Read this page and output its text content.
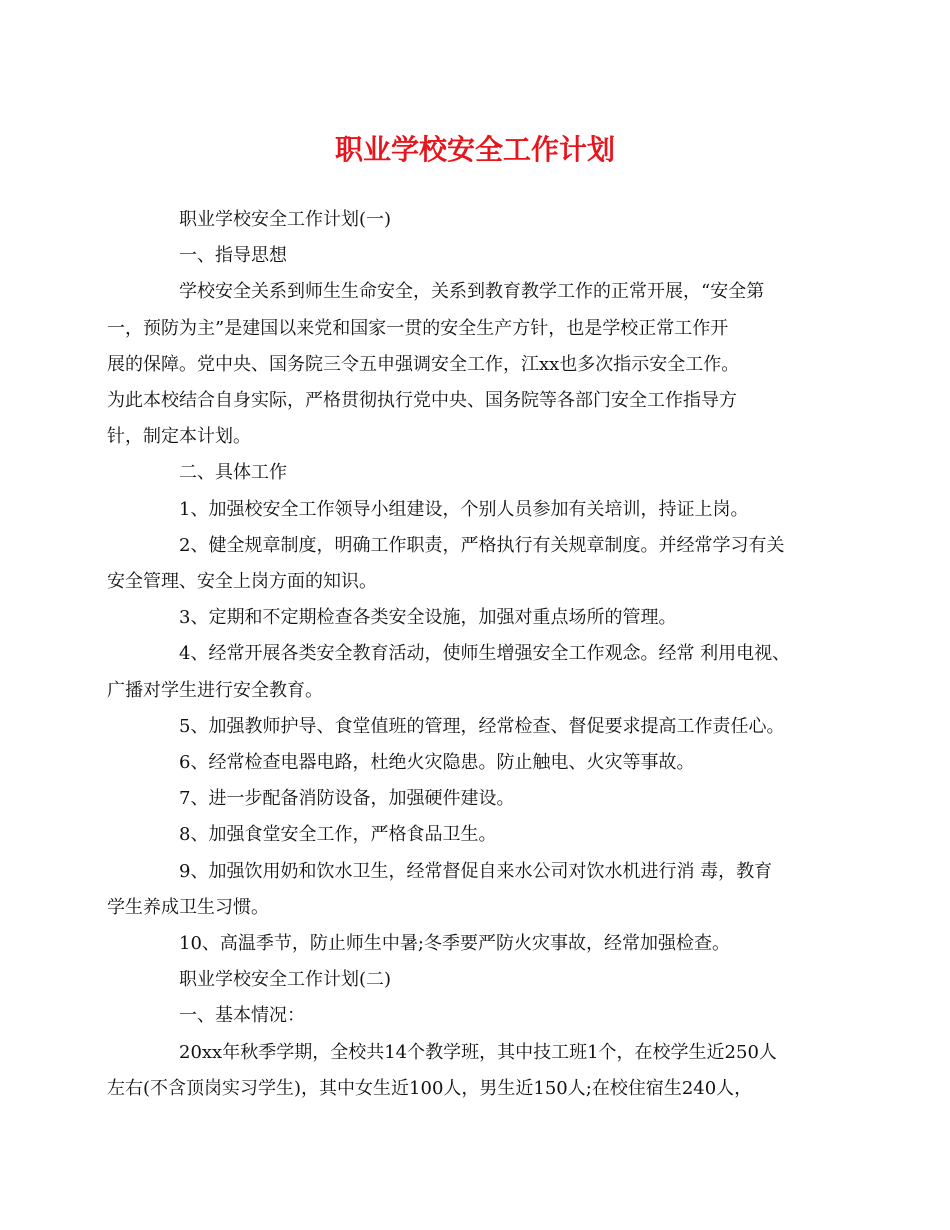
职业学校安全工作计划

职业学校安全工作计划(一)

一、指导思想

学校安全关系到师生生命安全，关系到教育教学工作的正常开展，“安全第
一，预防为主”是建国以来党和国家一贯的安全生产方针，也是学校正常工作开
展的保障。党中央、国务院三令五申强调安全工作，江xx也多次指示安全工作。
为此本校结合自身实际，严格贯彻执行党中央、国务院等各部门安全工作指导方
针，制定本计划。

二、具体工作

1、加强校安全工作领导小组建设，个别人员参加有关培训，持证上岗。

2、健全规章制度，明确工作职责，严格执行有关规章制度。并经常学习有关
安全管理、安全上岗方面的知识。

3、定期和不定期检查各类安全设施，加强对重点场所的管理。

4、经常开展各类安全教育活动，使师生增强安全工作观念。经常 利用电视、
广播对学生进行安全教育。

5、加强教师护导、食堂值班的管理，经常检查、督促要求提高工作责任心。

6、经常检查电器电路，杜绝火灾隐患。防止触电、火灾等事故。

7、进一步配备消防设备，加强硬件建设。

8、加强食堂安全工作，严格食品卫生。

9、加强饮用奶和饮水卫生，经常督促自来水公司对饮水机进行消 毒，教育
学生养成卫生习惯。

10、高温季节，防止师生中暑;冬季要严防火灾事故，经常加强检查。

职业学校安全工作计划(二)

一、基本情况：

20xx年秋季学期，全校共14个教学班，其中技工班1个，在校学生近250人
左右(不含顶岗实习学生)，其中女生近100人，男生近150人;在校住宿生240人，
